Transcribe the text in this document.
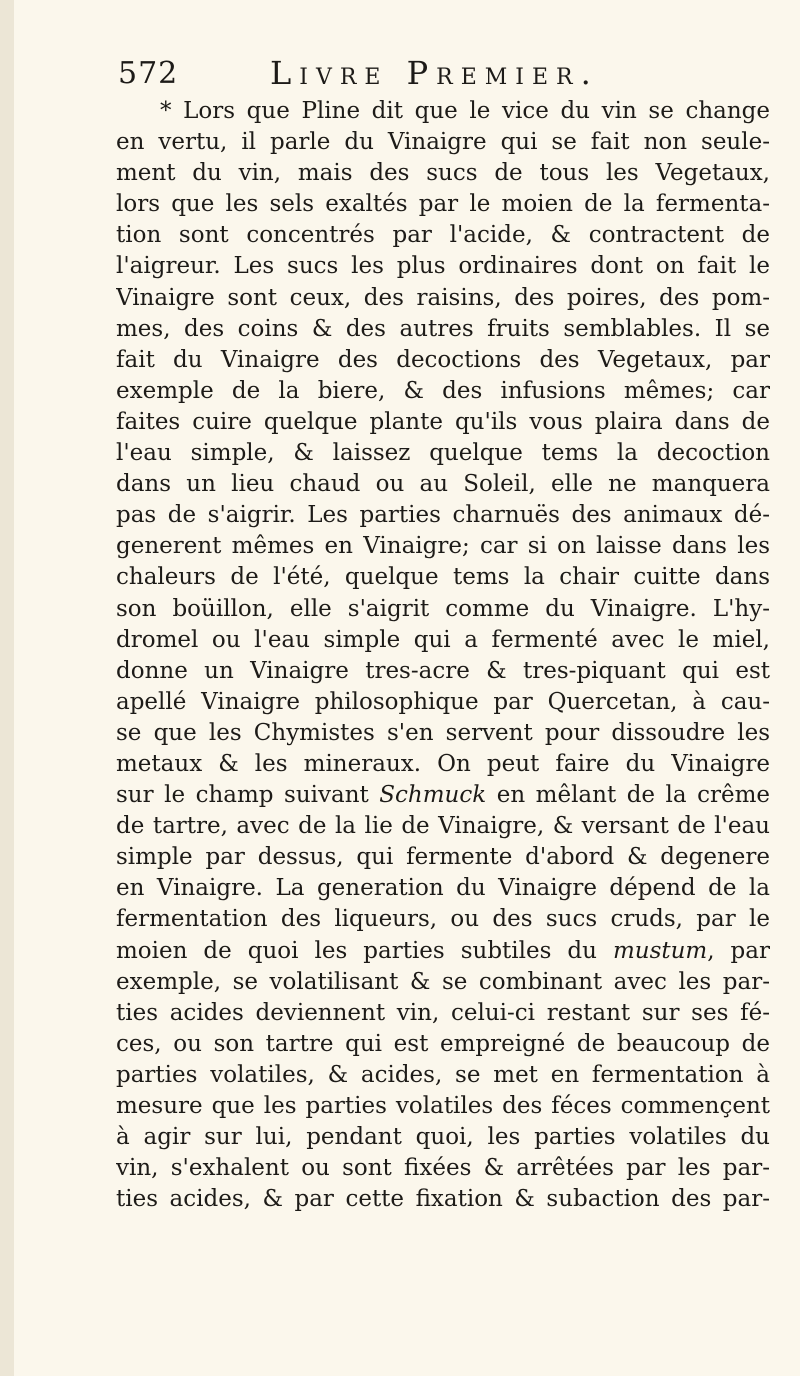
572	Livre Premier.
* Lors que Pline dit que le vice du vin se change
en vertu, il parle du Vinaigre qui se fait non seule-
ment du vin, mais des sucs de tous les Vegetaux,
lors que les sels exaltés par le moien de la fermenta-
tion sont concentrés par l'acide, & contractent de
l'aigreur. Les sucs les plus ordinaires dont on fait le
Vinaigre sont ceux, des raisins, des poires, des pom-
mes, des coins & des autres fruits semblables. Il se
fait du Vinaigre des decoctions des Vegetaux, par
exemple de la biere, & des infusions mêmes; car
faites cuire quelque plante qu'ils vous plaira dans de
l'eau simple, & laissez quelque tems la decoction
dans un lieu chaud ou au Soleil, elle ne manquera
pas de s'aigrir. Les parties charnuës des animaux dé-
generent mêmes en Vinaigre; car si on laisse dans les
chaleurs de l'été, quelque tems la chair cuitte dans
son boüillon, elle s'aigrit comme du Vinaigre. L'hy-
dromel ou l'eau simple qui a fermenté avec le miel,
donne un Vinaigre tres-acre & tres-piquant qui est
apellé Vinaigre philosophique par Quercetan, à cau-
se que les Chymistes s'en servent pour dissoudre les
metaux & les mineraux. On peut faire du Vinaigre
sur le champ suivant Schmuck en mêlant de la crême
de tartre, avec de la lie de Vinaigre, & versant de l'eau
simple par dessus, qui fermente d'abord & degenere
en Vinaigre. La generation du Vinaigre dépend de la
fermentation des liqueurs, ou des sucs cruds, par le
moien de quoi les parties subtiles du mustum, par
exemple, se volatilisant & se combinant avec les par-
ties acides deviennent vin, celui-ci restant sur ses fé-
ces, ou son tartre qui est empreigné de beaucoup de
parties volatiles, & acides, se met en fermentation à
mesure que les parties volatiles des féces commençent
à agir sur lui, pendant quoi, les parties volatiles du
vin, s'exhalent ou sont fixées & arrêtées par les par-
ties acides, & par cette fixation & subaction des par-
